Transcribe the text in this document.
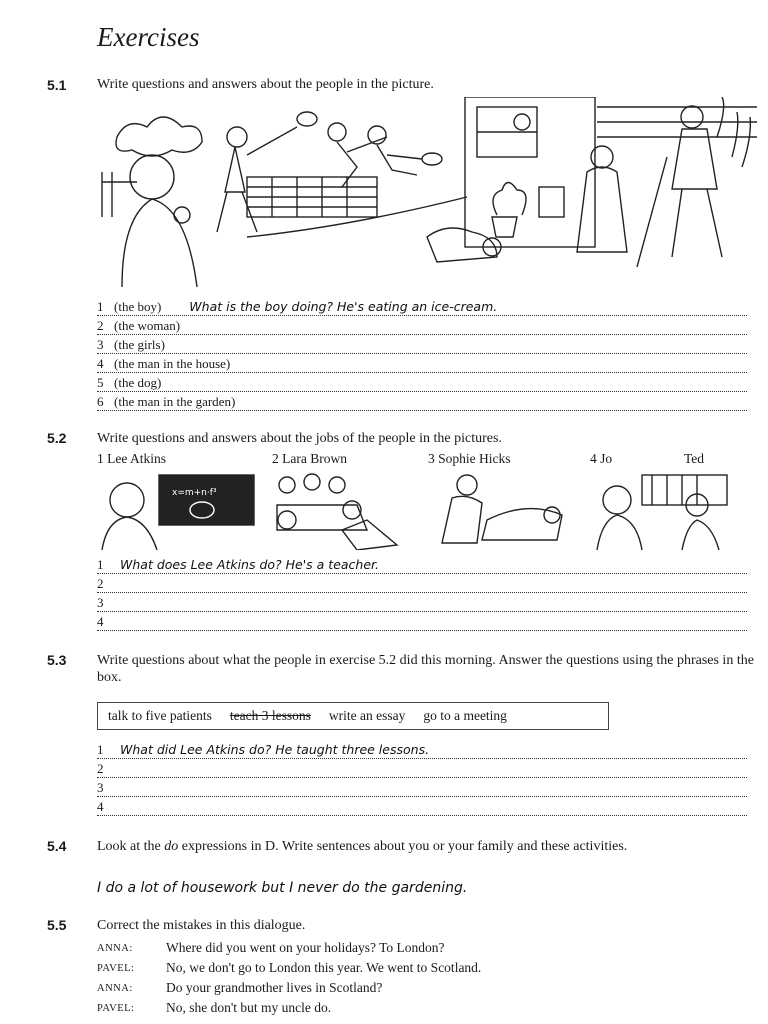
Exercises
5.1 Write questions and answers about the people in the picture.
1 (the boy) What is the boy doing? He's eating an ice-cream.
2 (the woman)
3 (the girls)
4 (the man in the house)
5 (the dog)
6 (the man in the garden)
5.2 Write questions and answers about the jobs of the people in the pictures.
1 Lee Atkins	2 Lara Brown	3 Sophie Hicks	4 Jo	Ted
x=m+n·f³
1 What does Lee Atkins do? He's a teacher.
2
3
4
5.3 Write questions about what the people in exercise 5.2 did this morning. Answer the questions using the phrases in the box.
talk to five patients teach 3 lessons write an essay go to a meeting
1 What did Lee Atkins do? He taught three lessons.
2
3
4
5.4 Look at the do expressions in D. Write sentences about you or your family and these activities.
I do a lot of housework but I never do the gardening.
5.5 Correct the mistakes in this dialogue.
ANNA: Where did you went on your holidays? To London?
PAVEL: No, we don't go to London this year. We went to Scotland.
ANNA: Do your grandmother lives in Scotland?
PAVEL: No, she don't but my uncle do.
